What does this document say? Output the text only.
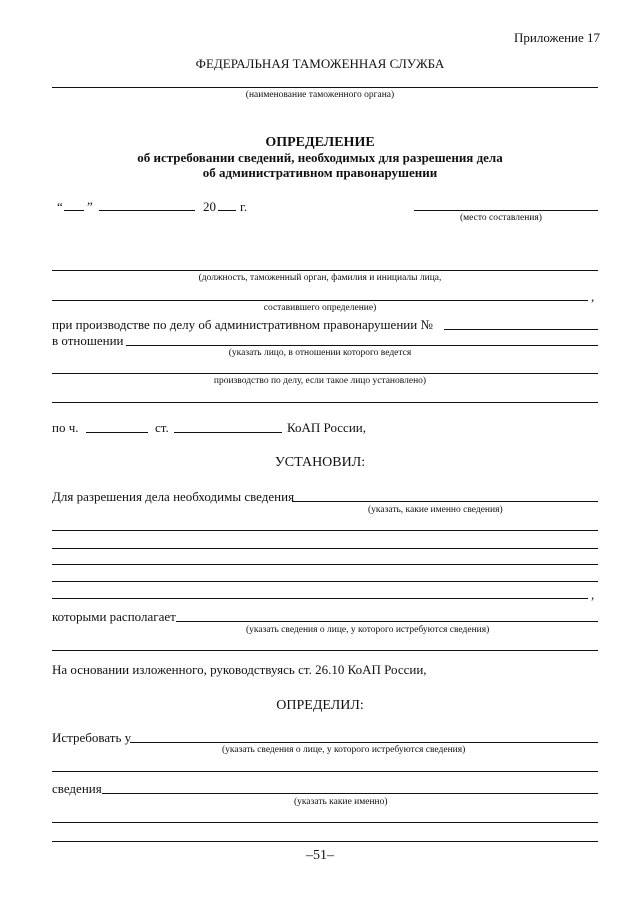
Приложение 17
ФЕДЕРАЛЬНАЯ ТАМОЖЕННАЯ СЛУЖБА
(наименование таможенного органа)
ОПРЕДЕЛЕНИЕ
об истребовании сведений, необходимых для разрешения дела
об административном правонарушении
“ ”	20 г.
(место составления)
(должность, таможенный орган, фамилия и инициалы лица,
,
составившего определение)
при производстве по делу об административном правонарушении №
в отношении
(указать лицо, в отношении которого ведется
производство по делу, если такое лицо установлено)
по ч.	ст.	КоАП России,
УСТАНОВИЛ:
Для разрешения дела необходимы сведения
(указать, какие именно сведения)
,
которыми располагает
(указать сведения о лице, у которого истребуются сведения)
На основании изложенного, руководствуясь ст. 26.10 КоАП России,
ОПРЕДЕЛИЛ:
Истребовать у
(указать сведения о лице, у которого истребуются сведения)
сведения
(указать какие именно)
–51–
